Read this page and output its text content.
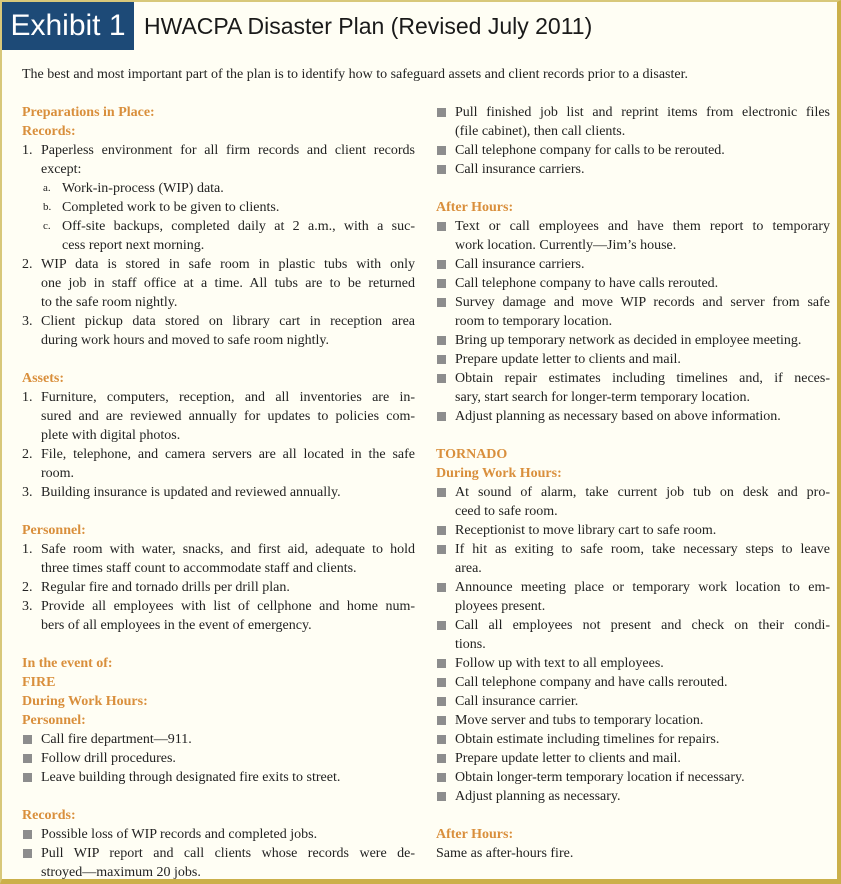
Exhibit 1 HWACPA Disaster Plan (Revised July 2011)
The best and most important part of the plan is to identify how to safeguard assets and client records prior to a disaster.
Preparations in Place:
Records:
1. Paperless environment for all firm records and client records
except:
a. Work-in-process (WIP) data.
b. Completed work to be given to clients.
c. Off-site backups, completed daily at 2 a.m., with a suc-
cess report next morning.
2. WIP data is stored in safe room in plastic tubs with only
one job in staff office at a time. All tubs are to be returned
to the safe room nightly.
3. Client pickup data stored on library cart in reception area
during work hours and moved to safe room nightly.
Assets:
1. Furniture, computers, reception, and all inventories are in-
sured and are reviewed annually for updates to policies com-
plete with digital photos.
2. File, telephone, and camera servers are all located in the safe
room.
3. Building insurance is updated and reviewed annually.
Personnel:
1. Safe room with water, snacks, and first aid, adequate to hold
three times staff count to accommodate staff and clients.
2. Regular fire and tornado drills per drill plan.
3. Provide all employees with list of cellphone and home num-
bers of all employees in the event of emergency.
In the event of:
FIRE
During Work Hours:
Personnel:
Call fire department—911.
Follow drill procedures.
Leave building through designated fire exits to street.
Records:
Possible loss of WIP records and completed jobs.
Pull WIP report and call clients whose records were de-
stroyed—maximum 20 jobs.
Pull finished job list and reprint items from electronic files
(file cabinet), then call clients.
Call telephone company for calls to be rerouted.
Call insurance carriers.
After Hours:
Text or call employees and have them report to temporary
work location. Currently—Jim’s house.
Call insurance carriers.
Call telephone company to have calls rerouted.
Survey damage and move WIP records and server from safe
room to temporary location.
Bring up temporary network as decided in employee meeting.
Prepare update letter to clients and mail.
Obtain repair estimates including timelines and, if neces-
sary, start search for longer-term temporary location.
Adjust planning as necessary based on above information.
TORNADO
During Work Hours:
At sound of alarm, take current job tub on desk and pro-
ceed to safe room.
Receptionist to move library cart to safe room.
If hit as exiting to safe room, take necessary steps to leave
area.
Announce meeting place or temporary work location to em-
ployees present.
Call all employees not present and check on their condi-
tions.
Follow up with text to all employees.
Call telephone company and have calls rerouted.
Call insurance carrier.
Move server and tubs to temporary location.
Obtain estimate including timelines for repairs.
Prepare update letter to clients and mail.
Obtain longer-term temporary location if necessary.
Adjust planning as necessary.
After Hours:
Same as after-hours fire.
